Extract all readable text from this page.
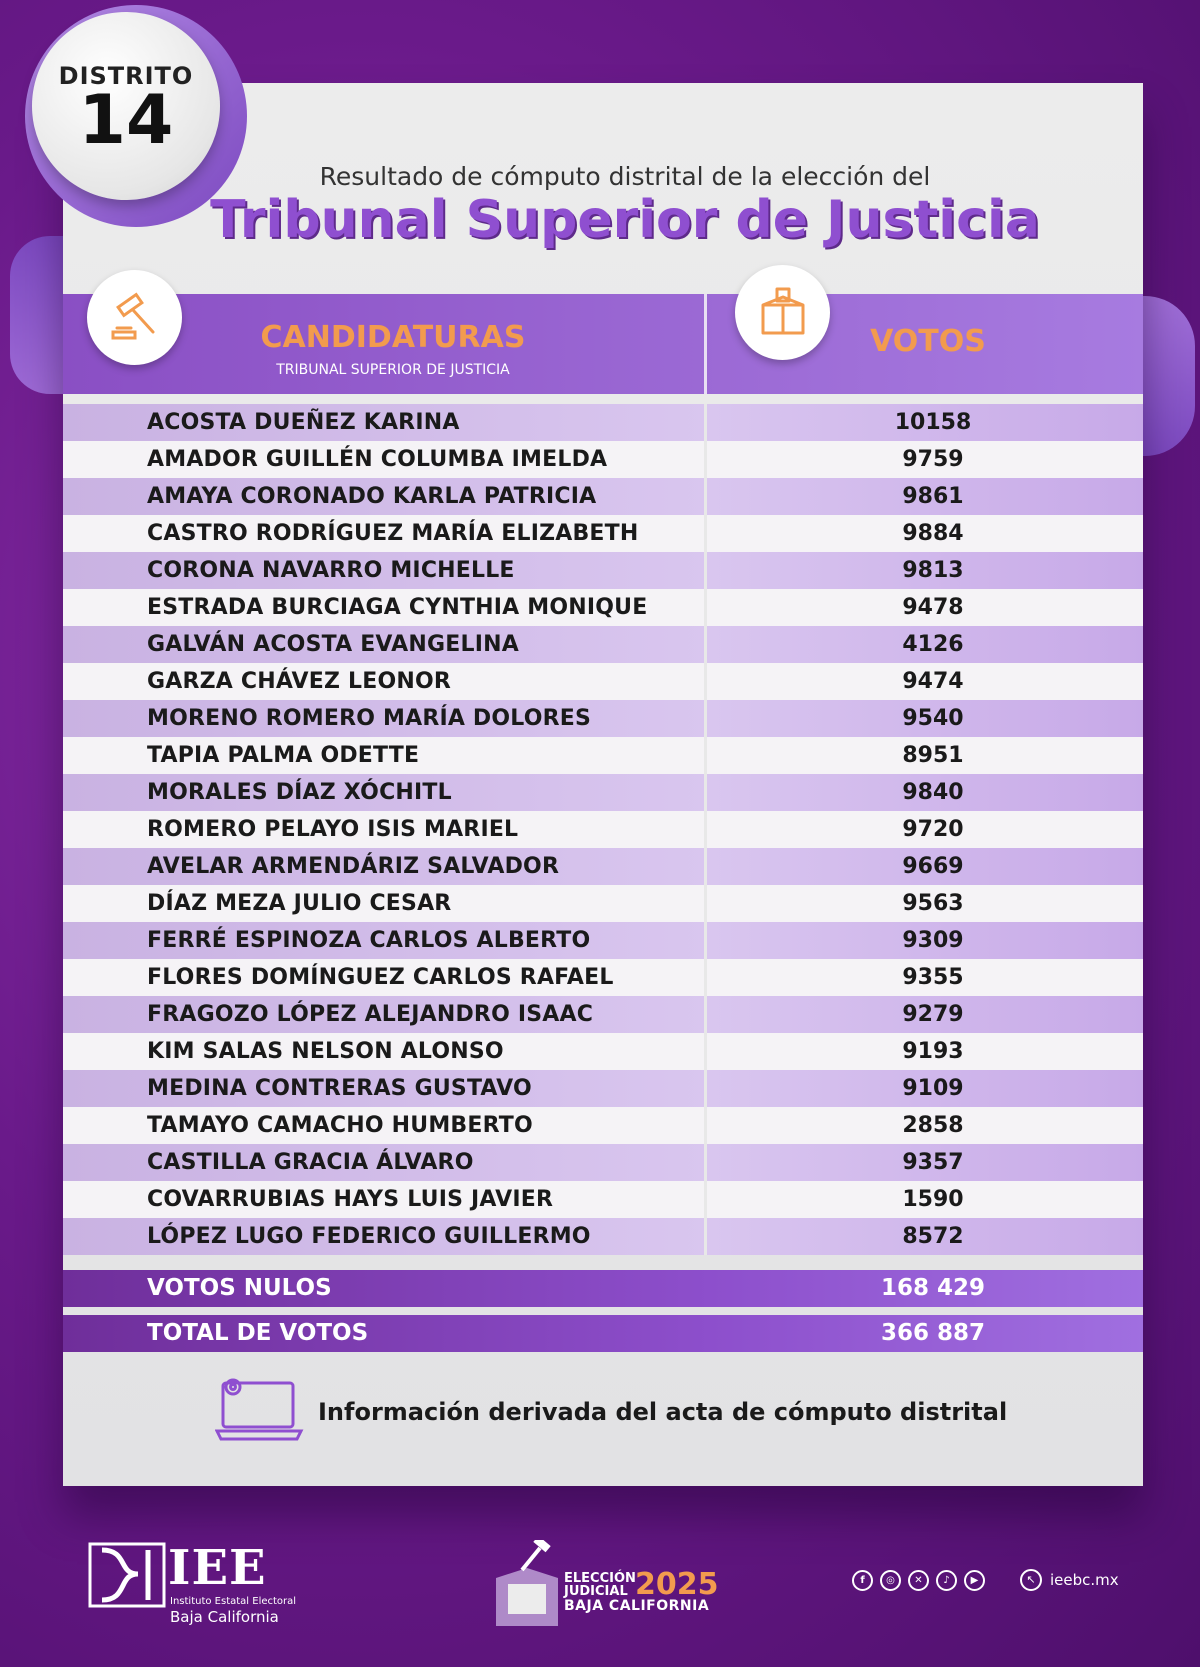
DISTRITO
14
Resultado de cómputo distrital de la elección del
Tribunal Superior de Justicia
CANDIDATURAS
TRIBUNAL SUPERIOR DE JUSTICIA
VOTOS
ACOSTA DUEÑEZ KARINA	10158
AMADOR GUILLÉN COLUMBA IMELDA	9759
AMAYA CORONADO KARLA PATRICIA	9861
CASTRO RODRÍGUEZ MARÍA ELIZABETH	9884
CORONA NAVARRO MICHELLE	9813
ESTRADA BURCIAGA CYNTHIA MONIQUE	9478
GALVÁN ACOSTA EVANGELINA	4126
GARZA CHÁVEZ LEONOR	9474
MORENO ROMERO MARÍA DOLORES	9540
TAPIA PALMA ODETTE	8951
MORALES DÍAZ XÓCHITL	9840
ROMERO PELAYO ISIS MARIEL	9720
AVELAR ARMENDÁRIZ SALVADOR	9669
DÍAZ MEZA JULIO CESAR	9563
FERRÉ ESPINOZA CARLOS ALBERTO	9309
FLORES DOMÍNGUEZ CARLOS RAFAEL	9355
FRAGOZO LÓPEZ ALEJANDRO ISAAC	9279
KIM SALAS NELSON ALONSO	9193
MEDINA CONTRERAS GUSTAVO	9109
TAMAYO CAMACHO HUMBERTO	2858
CASTILLA GRACIA ÁLVARO	9357
COVARRUBIAS HAYS LUIS JAVIER	1590
LÓPEZ LUGO FEDERICO GUILLERMO	8572
VOTOS NULOS	168 429
TOTAL DE VOTOS	366 887
Información derivada del acta de cómputo distrital
IEE
Instituto Estatal Electoral
Baja California
ELECCIÓN
JUDICIAL 2025
BAJA CALIFORNIA
f	◎	✕	♪	▶	↖ ieebc.mx
